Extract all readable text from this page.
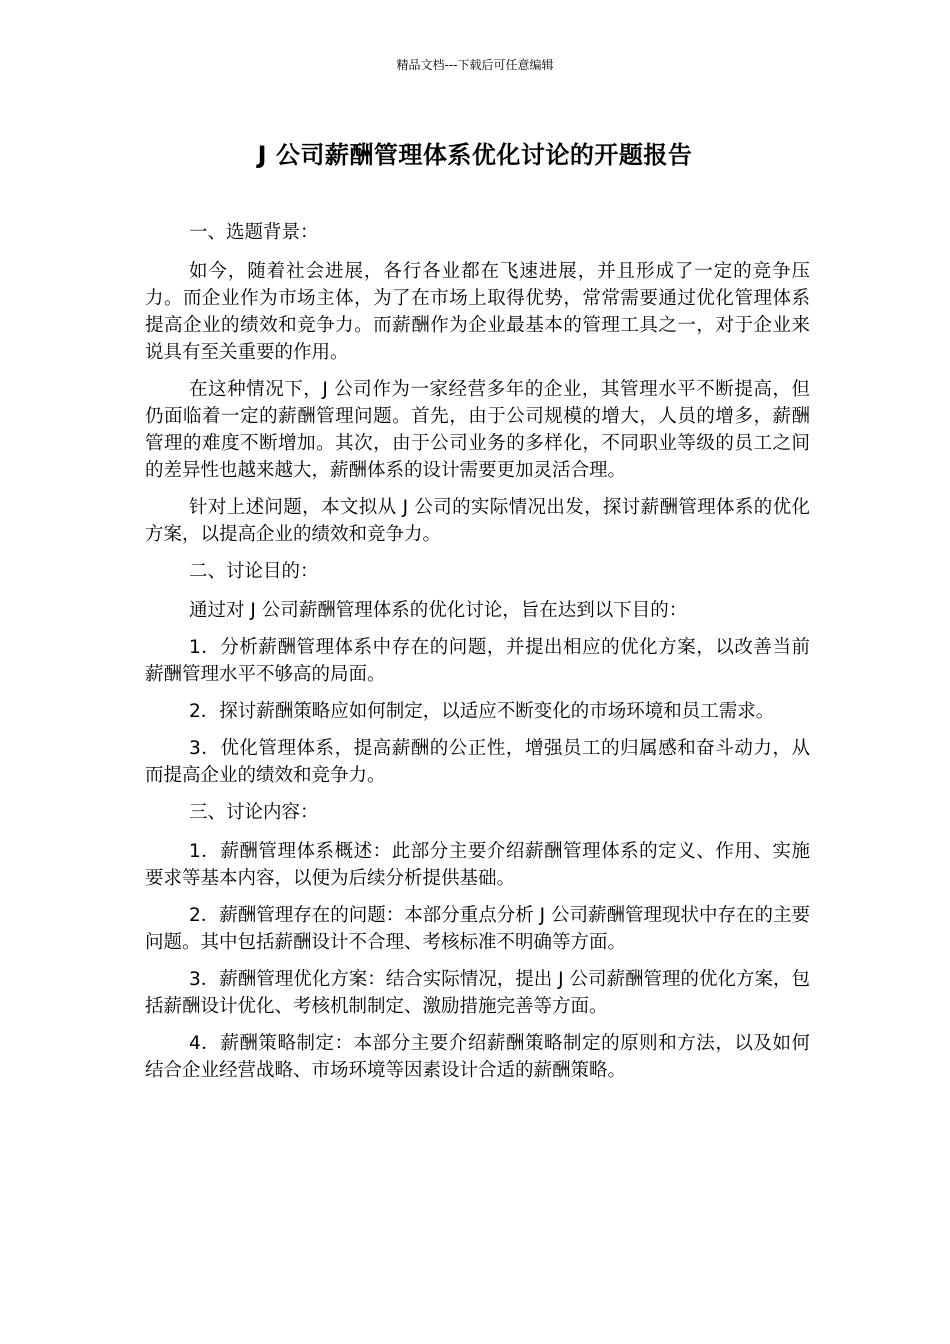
精品文档---下载后可任意编辑
J 公司薪酬管理体系优化讨论的开题报告

一、选题背景：

如今，随着社会进展，各行各业都在飞速进展，并且形成了一定的竞争压力。而企业作为市场主体，为了在市场上取得优势，常常需要通过优化管理体系提高企业的绩效和竞争力。而薪酬作为企业最基本的管理工具之一，对于企业来说具有至关重要的作用。

在这种情况下，J 公司作为一家经营多年的企业，其管理水平不断提高，但仍面临着一定的薪酬管理问题。首先，由于公司规模的增大，人员的增多，薪酬管理的难度不断增加。其次，由于公司业务的多样化，不同职业等级的员工之间的差异性也越来越大，薪酬体系的设计需要更加灵活合理。

针对上述问题，本文拟从 J 公司的实际情况出发，探讨薪酬管理体系的优化方案，以提高企业的绩效和竞争力。

二、讨论目的：

通过对 J 公司薪酬管理体系的优化讨论，旨在达到以下目的：

1．分析薪酬管理体系中存在的问题，并提出相应的优化方案，以改善当前薪酬管理水平不够高的局面。

2．探讨薪酬策略应如何制定，以适应不断变化的市场环境和员工需求。

3．优化管理体系，提高薪酬的公正性，增强员工的归属感和奋斗动力，从而提高企业的绩效和竞争力。

三、讨论内容：

1．薪酬管理体系概述：此部分主要介绍薪酬管理体系的定义、作用、实施要求等基本内容，以便为后续分析提供基础。

2．薪酬管理存在的问题：本部分重点分析 J 公司薪酬管理现状中存在的主要问题。其中包括薪酬设计不合理、考核标准不明确等方面。

3．薪酬管理优化方案：结合实际情况，提出 J 公司薪酬管理的优化方案，包括薪酬设计优化、考核机制制定、激励措施完善等方面。

4．薪酬策略制定：本部分主要介绍薪酬策略制定的原则和方法，以及如何结合企业经营战略、市场环境等因素设计合适的薪酬策略。
